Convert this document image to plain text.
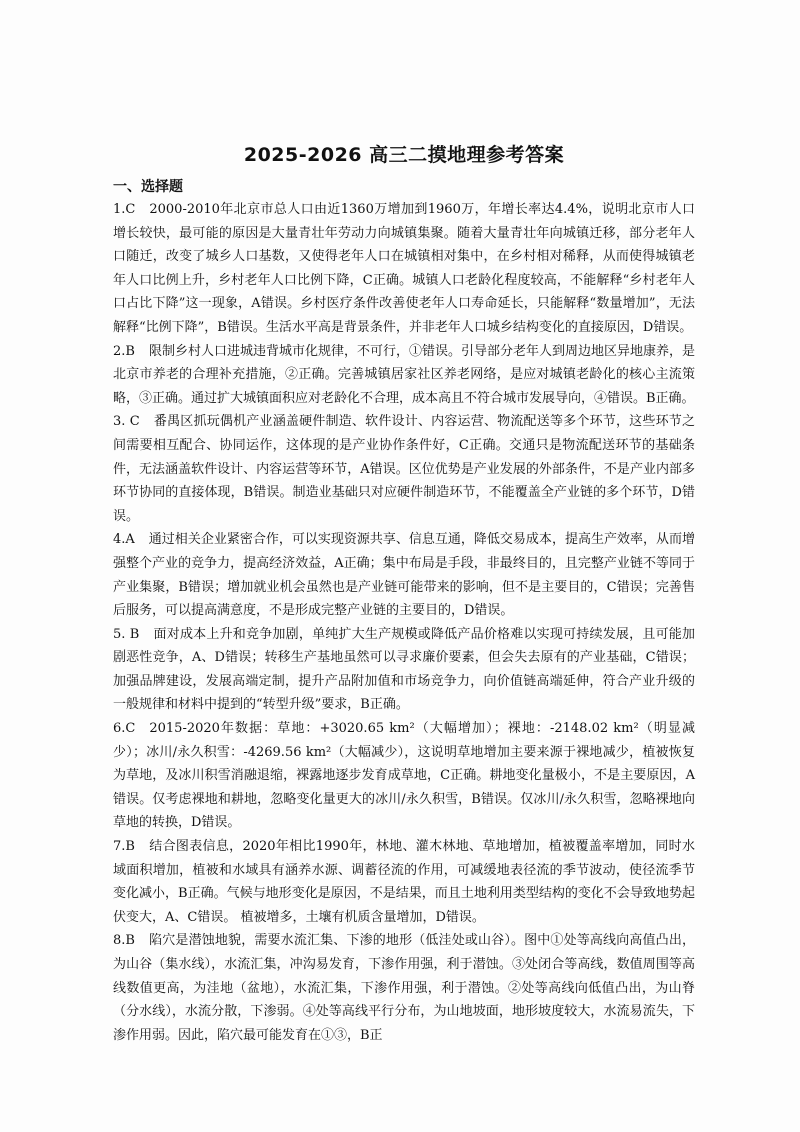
2025-2026 高三二摸地理参考答案
一、选择题

1.C 2000-2010年北京市总人口由近1360万增加到1960万，年增长率达4.4%，说明北京市人口增长较快，最可能的原因是大量青壮年劳动力向城镇集聚。随着大量青壮年向城镇迁移，部分老年人口随迁，改变了城乡人口基数，又使得老年人口在城镇相对集中，在乡村相对稀释，从而使得城镇老年人口比例上升，乡村老年人口比例下降，C正确。城镇人口老龄化程度较高，不能解释“乡村老年人口占比下降”这一现象，A错误。乡村医疗条件改善使老年人口寿命延长，只能解释“数量增加”，无法解释“比例下降”，B错误。生活水平高是背景条件，并非老年人口城乡结构变化的直接原因，D错误。

2.B 限制乡村人口进城违背城市化规律，不可行，①错误。引导部分老年人到周边地区异地康养，是北京市养老的合理补充措施，②正确。完善城镇居家社区养老网络，是应对城镇老龄化的核心主流策略，③正确。通过扩大城镇面积应对老龄化不合理，成本高且不符合城市发展导向，④错误。B正确。

3. C 番禺区抓玩偶机产业涵盖硬件制造、软件设计、内容运营、物流配送等多个环节，这些环节之间需要相互配合、协同运作，这体现的是产业协作条件好，C正确。交通只是物流配送环节的基础条件，无法涵盖软件设计、内容运营等环节，A错误。区位优势是产业发展的外部条件，不是产业内部多环节协同的直接体现，B错误。制造业基础只对应硬件制造环节，不能覆盖全产业链的多个环节，D错误。

4.A 通过相关企业紧密合作，可以实现资源共享、信息互通，降低交易成本，提高生产效率，从而增强整个产业的竞争力，提高经济效益，A正确；集中布局是手段，非最终目的，且完整产业链不等同于产业集聚，B错误；增加就业机会虽然也是产业链可能带来的影响，但不是主要目的，C错误；完善售后服务，可以提高满意度，不是形成完整产业链的主要目的，D错误。

5. B 面对成本上升和竞争加剧，单纯扩大生产规模或降低产品价格难以实现可持续发展，且可能加剧恶性竞争，A、D错误；转移生产基地虽然可以寻求廉价要素，但会失去原有的产业基础，C错误；加强品牌建设，发展高端定制，提升产品附加值和市场竞争力，向价值链高端延伸，符合产业升级的一般规律和材料中提到的“转型升级”要求，B正确。

6.C 2015-2020年数据：草地：+3020.65 km²（大幅增加）；裸地：-2148.02 km²（明显减少）；冰川/永久积雪：-4269.56 km²（大幅减少），这说明草地增加主要来源于裸地减少，植被恢复为草地，及冰川积雪消融退缩，裸露地逐步发育成草地，C正确。耕地变化量极小，不是主要原因，A错误。仅考虑裸地和耕地，忽略变化量更大的冰川/永久积雪，B错误。仅冰川/永久积雪，忽略裸地向草地的转换，D错误。

7.B 结合图表信息，2020年相比1990年，林地、灌木林地、草地增加，植被覆盖率增加，同时水域面积增加，植被和水域具有涵养水源、调蓄径流的作用，可减缓地表径流的季节波动，使径流季节变化减小，B正确。气候与地形变化是原因，不是结果，而且土地利用类型结构的变化不会导致地势起伏变大，A、C错误。 植被增多，土壤有机质含量增加，D错误。

8.B 陷穴是潜蚀地貌，需要水流汇集、下渗的地形（低洼处或山谷）。图中①处等高线向高值凸出，为山谷（集水线），水流汇集，冲沟易发育，下渗作用强，利于潜蚀。③处闭合等高线，数值周围等高线数值更高，为洼地（盆地），水流汇集，下渗作用强，利于潜蚀。②处等高线向低值凸出，为山脊（分水线），水流分散，下渗弱。④处等高线平行分布，为山地坡面，地形坡度较大，水流易流失，下渗作用弱。因此，陷穴最可能发育在①③，B正
